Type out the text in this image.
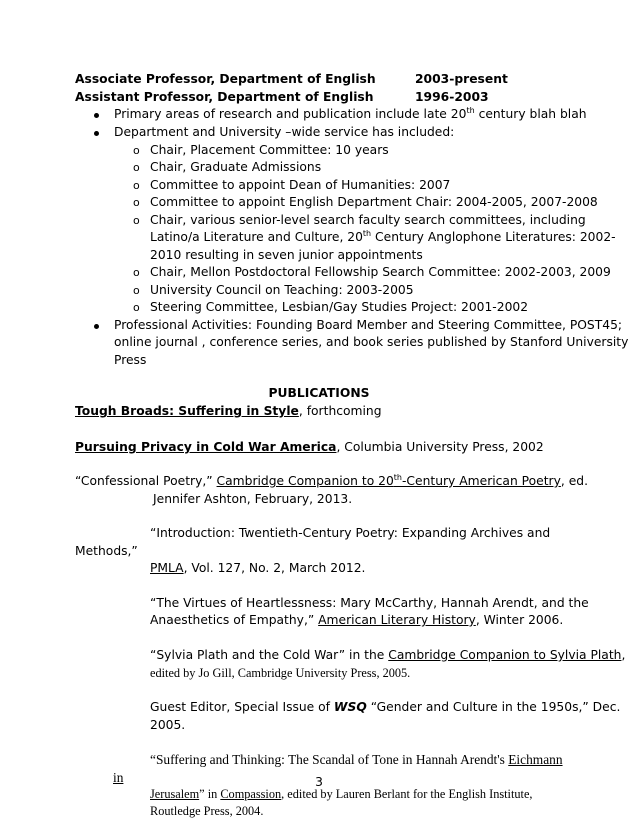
Associate Professor, Department of English	2003-present
Assistant Professor, Department of English	1996-2003
Primary areas of research and publication include late 20th century blah blah
Department and University –wide service has included:
o Chair, Placement Committee: 10 years
o Chair, Graduate Admissions
o Committee to appoint Dean of Humanities: 2007
o Committee to appoint English Department Chair: 2004-2005, 2007-2008
o Chair, various senior-level search faculty search committees, including
Latino/a Literature and Culture, 20th Century Anglophone Literatures: 2002-
2010 resulting in seven junior appointments
o Chair, Mellon Postdoctoral Fellowship Search Committee: 2002-2003, 2009
o University Council on Teaching: 2003-2005
o Steering Committee, Lesbian/Gay Studies Project: 2001-2002
Professional Activities: Founding Board Member and Steering Committee, POST45;
online journal , conference series, and book series published by Stanford University
Press
PUBLICATIONS
Tough Broads: Suffering in Style, forthcoming
Pursuing Privacy in Cold War America, Columbia University Press, 2002
“Confessional Poetry,” Cambridge Companion to 20th-Century American Poetry, ed.
Jennifer Ashton, February, 2013.
“Introduction: Twentieth-Century Poetry: Expanding Archives and
Methods,”
PMLA, Vol. 127, No. 2, March 2012.
“The Virtues of Heartlessness: Mary McCarthy, Hannah Arendt, and the
Anaesthetics of Empathy,” American Literary History, Winter 2006.
“Sylvia Plath and the Cold War” in the Cambridge Companion to Sylvia Plath,
edited by Jo Gill, Cambridge University Press, 2005.
Guest Editor, Special Issue of WSQ “Gender and Culture in the 1950s,” Dec.
2005.
“Suffering and Thinking: The Scandal of Tone in Hannah Arendt's Eichmann
in
Jerusalem” in Compassion, edited by Lauren Berlant for the English Institute,
Routledge Press, 2004.
3
